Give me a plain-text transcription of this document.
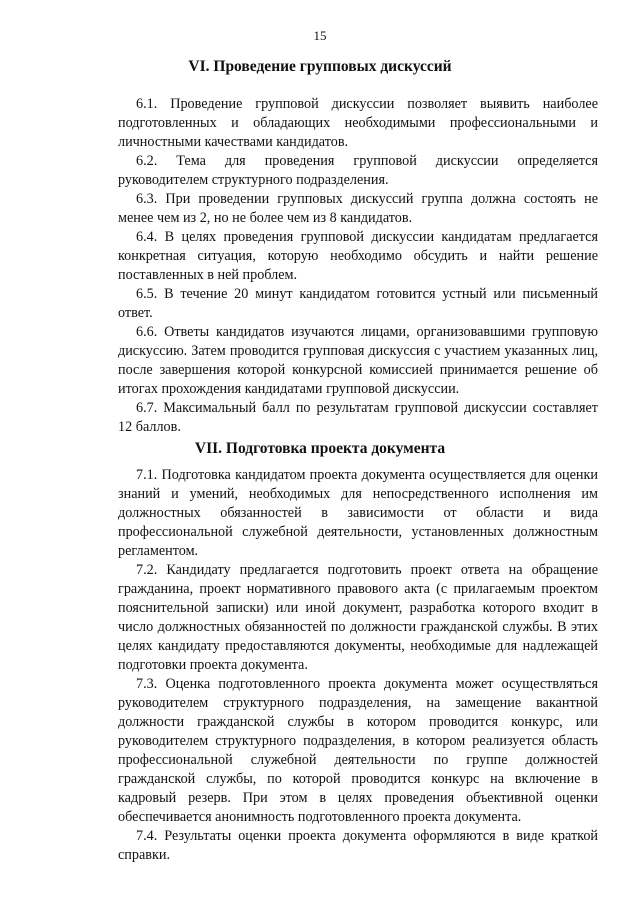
15
VI. Проведение групповых дискуссий

6.1. Проведение групповой дискуссии позволяет выявить наиболее подготовленных и обладающих необходимыми профессиональными и личностными качествами кандидатов.

6.2. Тема для проведения групповой дискуссии определяется руководителем структурного подразделения.

6.3. При проведении групповых дискуссий группа должна состоять не менее чем из 2, но не более чем из 8 кандидатов.

6.4. В целях проведения групповой дискуссии кандидатам предлагается конкретная ситуация, которую необходимо обсудить и найти решение поставленных в ней проблем.

6.5. В течение 20 минут кандидатом готовится устный или письменный ответ.

6.6. Ответы кандидатов изучаются лицами, организовавшими групповую дискуссию. Затем проводится групповая дискуссия с участием указанных лиц, после завершения которой конкурсной комиссией принимается решение об итогах прохождения кандидатами групповой дискуссии.

6.7. Максимальный балл по результатам групповой дискуссии составляет 12 баллов.

VII. Подготовка проекта документа

7.1. Подготовка кандидатом проекта документа осуществляется для оценки знаний и умений, необходимых для непосредственного исполнения им должностных обязанностей в зависимости от области и вида профессиональной служебной деятельности, установленных должностным регламентом.

7.2. Кандидату предлагается подготовить проект ответа на обращение гражданина, проект нормативного правового акта (с прилагаемым проектом пояснительной записки) или иной документ, разработка которого входит в число должностных обязанностей по должности гражданской службы. В этих целях кандидату предоставляются документы, необходимые для надлежащей подготовки проекта документа.

7.3. Оценка подготовленного проекта документа может осуществляться руководителем структурного подразделения, на замещение вакантной должности гражданской службы в котором проводится конкурс, или руководителем структурного подразделения, в котором реализуется область профессиональной служебной деятельности по группе должностей гражданской службы, по которой проводится конкурс на включение в кадровый резерв. При этом в целях проведения объективной оценки обеспечивается анонимность подготовленного проекта документа.

7.4. Результаты оценки проекта документа оформляются в виде краткой справки.
